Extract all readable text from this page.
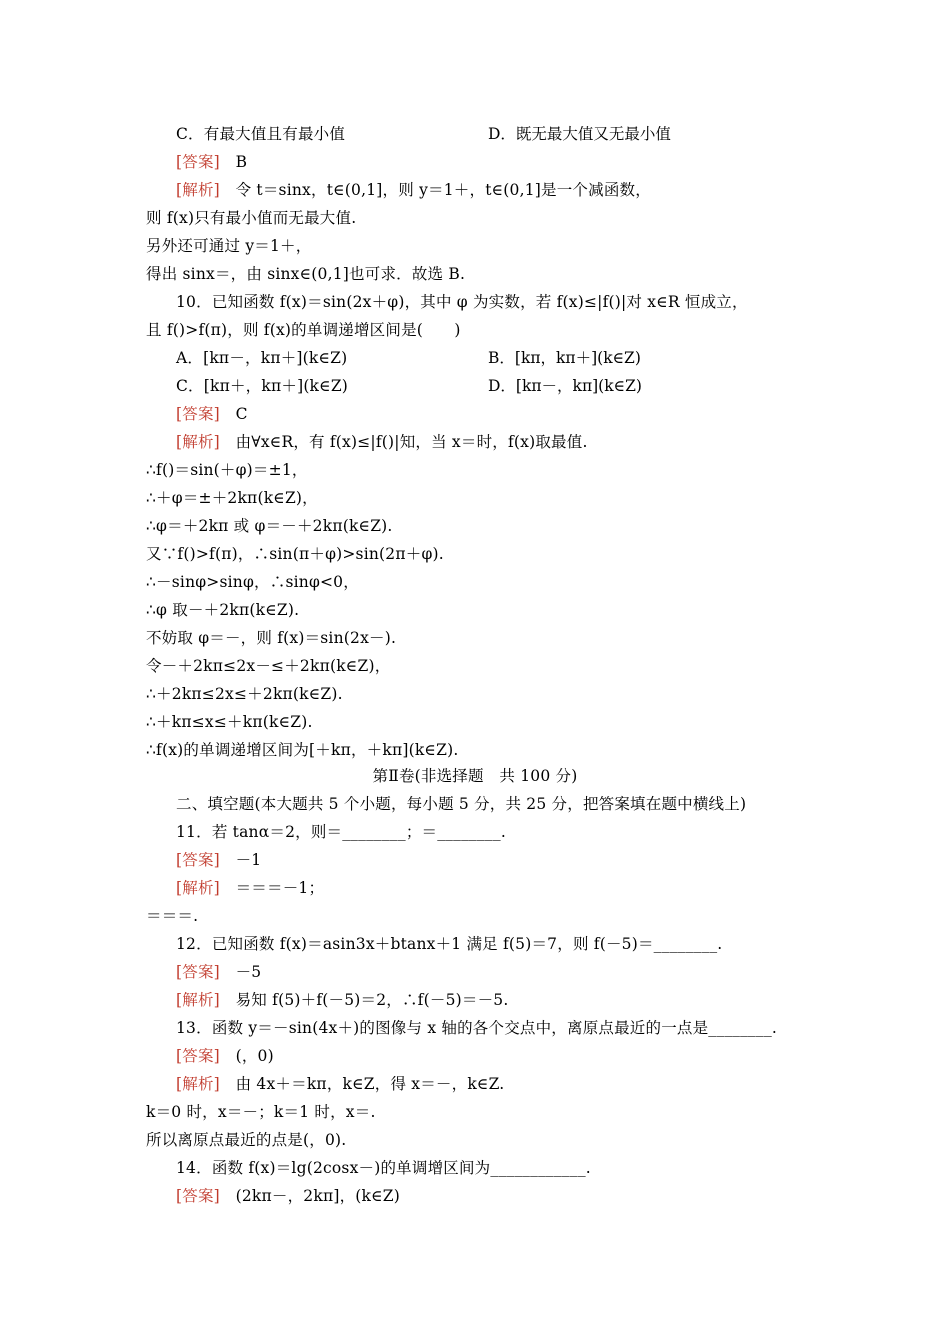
C．有最大值且有最小值
[答案]　B
[解析]　令 t＝sinx，t∈(0,1]，则 y＝1＋，t∈(0,1]是一个减函数，
则 f(x)只有最小值而无最大值.
另外还可通过 y＝1＋，
得出 sinx＝，由 sinx∈(0,1]也可求．故选 B.
10．已知函数 f(x)＝sin(2x＋φ)，其中 φ 为实数，若 f(x)≤|f()|对 x∈R 恒成立，
且 f()>f(π)，则 f(x)的单调递增区间是(　　)
A．[kπ－，kπ＋](k∈Z)
C．[kπ＋，kπ＋](k∈Z)
[答案]　C
[解析]　由∀x∈R，有 f(x)≤|f()|知，当 x＝时，f(x)取最值.
∴f()＝sin(＋φ)＝±1，
∴＋φ＝±＋2kπ(k∈Z)，
∴φ＝＋2kπ 或 φ＝－＋2kπ(k∈Z).
又∵f()>f(π)，∴sin(π＋φ)>sin(2π＋φ).
∴－sinφ>sinφ，∴sinφ<0，
∴φ 取－＋2kπ(k∈Z).
不妨取 φ＝－，则 f(x)＝sin(2x－).
令－＋2kπ≤2x－≤＋2kπ(k∈Z)，
∴＋2kπ≤2x≤＋2kπ(k∈Z).
∴＋kπ≤x≤＋kπ(k∈Z).
∴f(x)的单调递增区间为[＋kπ，＋kπ](k∈Z).
第Ⅱ卷(非选择题　共 100 分)
二、填空题(本大题共 5 个小题，每小题 5 分，共 25 分，把答案填在题中横线上)
11．若 tanα＝2，则＝________；＝________.
[答案]　－1
[解析]　＝＝＝－1；
＝＝＝.
12．已知函数 f(x)＝asin3x＋btanx＋1 满足 f(5)＝7，则 f(－5)＝________.
[答案]　－5
[解析]　易知 f(5)＋f(－5)＝2，∴f(－5)＝－5.
13．函数 y＝－sin(4x＋)的图像与 x 轴的各个交点中，离原点最近的一点是________.
[答案]　(，0)
[解析]　由 4x＋＝kπ，k∈Z，得 x＝－，k∈Z.
k＝0 时，x＝－；k＝1 时，x＝.
所以离原点最近的点是(，0).
14．函数 f(x)＝lg(2cosx－)的单调增区间为____________.
[答案]　(2kπ－，2kπ]，(k∈Z)
D．既无最大值又无最小值
B．[kπ，kπ＋](k∈Z)
D．[kπ－，kπ](k∈Z)
